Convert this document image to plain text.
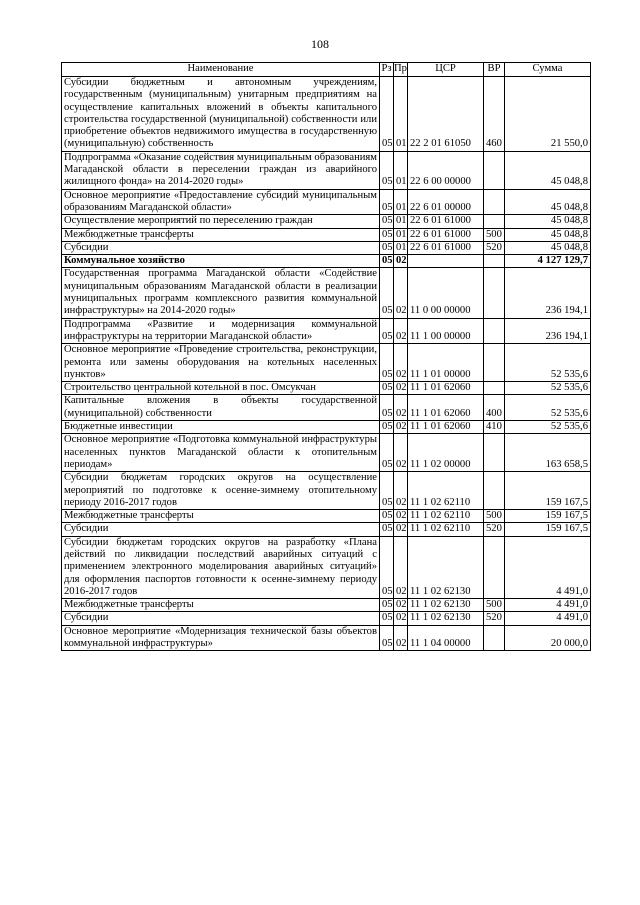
108
Наименование	Рз	Пр	ЦСР	ВР	Сумма
Субсидии бюджетным и автономным учреждениям, государственным (муниципальным) унитарным предприятиям на осуществление капитальных вложений в объекты капитального строительства государственной (муниципальной) собственности или приобретение объектов недвижимого имущества в государственную (муниципальную) собственность	05	01	22 2 01 61050	460	21 550,0
Подпрограмма «Оказание содействия муниципальным образованиям Магаданской области в переселении граждан из аварийного жилищного фонда» на 2014-2020 годы»	05	01	22 6 00 00000		45 048,8
Основное мероприятие «Предоставление субсидий муниципальным образованиям Магаданской области»	05	01	22 6 01 00000		45 048,8
Осуществление мероприятий по переселению граждан	05	01	22 6 01 61000		45 048,8
Межбюджетные трансферты	05	01	22 6 01 61000	500	45 048,8
Субсидии	05	01	22 6 01 61000	520	45 048,8
Коммунальное хозяйство	05	02			4 127 129,7
Государственная программа Магаданской области «Содействие муниципальным образованиям Магаданской области в реализации муниципальных программ комплексного развития коммунальной инфраструктуры» на 2014-2020 годы»	05	02	11 0 00 00000		236 194,1
Подпрограмма «Развитие и модернизация коммунальной инфраструктуры на территории Магаданской области»	05	02	11 1 00 00000		236 194,1
Основное мероприятие «Проведение строительства, реконструкции, ремонта или замены оборудования на котельных населенных пунктов»	05	02	11 1 01 00000		52 535,6
Строительство центральной котельной в пос. Омсукчан	05	02	11 1 01 62060		52 535,6
Капитальные вложения в объекты государственной (муниципальной) собственности	05	02	11 1 01 62060	400	52 535,6
Бюджетные инвестиции	05	02	11 1 01 62060	410	52 535,6
Основное мероприятие «Подготовка коммунальной инфраструктуры населенных пунктов Магаданской области к отопительным периодам»	05	02	11 1 02 00000		163 658,5
Субсидии бюджетам городских округов на осуществление мероприятий по подготовке к осенне-зимнему отопительному периоду 2016-2017 годов	05	02	11 1 02 62110		159 167,5
Межбюджетные трансферты	05	02	11 1 02 62110	500	159 167,5
Субсидии	05	02	11 1 02 62110	520	159 167,5
Субсидии бюджетам городских округов на разработку «Плана действий по ликвидации последствий аварийных ситуаций с применением электронного моделирования аварийных ситуаций» для оформления паспортов готовности к осенне-зимнему периоду 2016-2017 годов	05	02	11 1 02 62130		4 491,0
Межбюджетные трансферты	05	02	11 1 02 62130	500	4 491,0
Субсидии	05	02	11 1 02 62130	520	4 491,0
Основное мероприятие «Модернизация технической базы объектов коммунальной инфраструктуры»	05	02	11 1 04 00000		20 000,0
